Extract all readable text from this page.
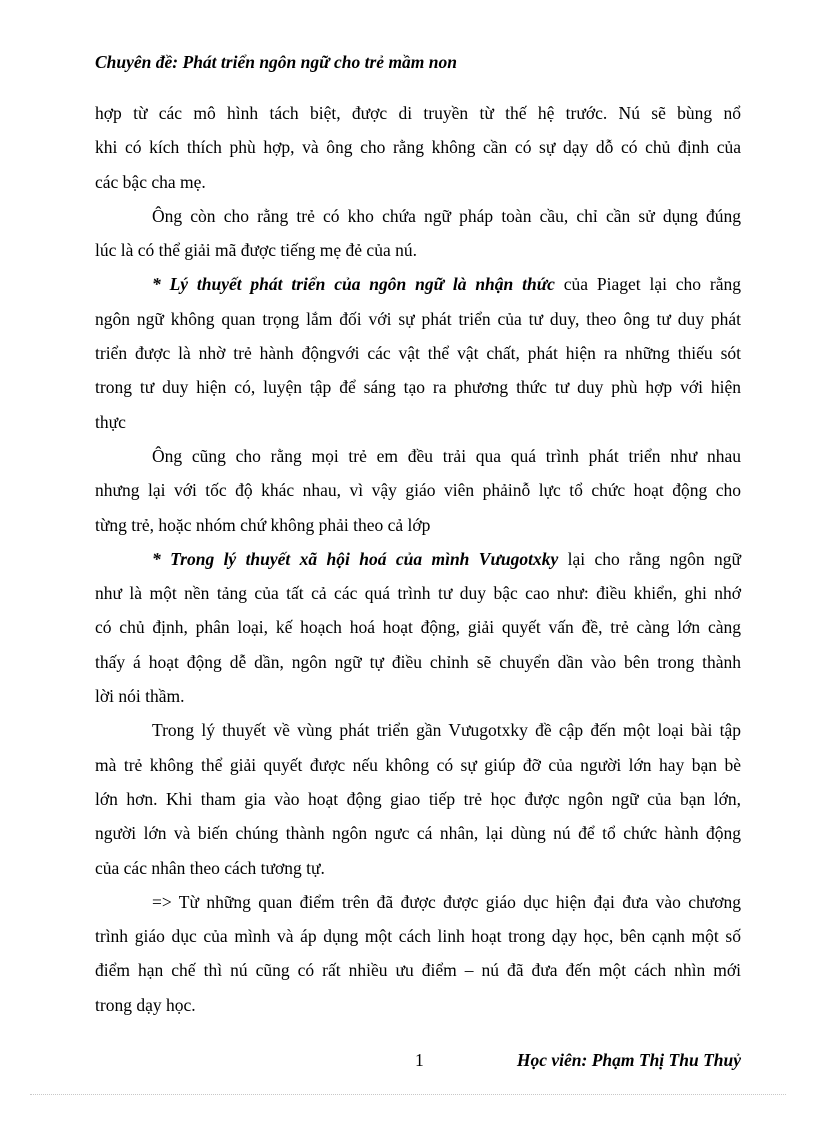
Chuyên đề: Phát triển ngôn ngữ cho trẻ mầm non
hợp từ các mô hình tách biệt, được di truyền từ thế hệ trước. Nú sẽ bùng nổ
khi có kích thích phù hợp, và ông cho rằng không cần có sự dạy dỗ có chủ định của
các bậc cha mẹ.
Ông còn cho rằng trẻ có kho chứa ngữ pháp toàn cầu, chỉ cần sử dụng đúng
lúc là có thể giải mã được tiếng mẹ đẻ của nú.
* Lý thuyết phát triển của ngôn ngữ là nhận thức của Piaget lại cho rằng
ngôn ngữ không quan trọng lắm đối với sự phát triển của tư duy, theo ông tư duy phát
triển được là nhờ trẻ hành độngvới các vật thể vật chất, phát hiện ra những thiếu sót
trong tư duy hiện có, luyện tập để sáng tạo ra phương thức tư duy phù hợp với hiện
thực
Ông cũng cho rằng mọi trẻ em đều trải qua quá trình phát triển như nhau
nhưng lại với tốc độ khác nhau, vì vậy giáo viên phảinỗ lực tổ chức hoạt động cho
từng trẻ, hoặc nhóm chứ không phải theo cả lớp
* Trong lý thuyết xã hội hoá của mình Vưugotxky lại cho rằng ngôn ngữ
như là một nền tảng của tất cả các quá trình tư duy bậc cao như: điều khiển, ghi nhớ
có chủ định, phân loại, kế hoạch hoá hoạt động, giải quyết vấn đề, trẻ càng lớn càng
thấy á hoạt động dễ dần, ngôn ngữ tự điều chỉnh sẽ chuyển dần vào bên trong thành
lời nói thầm.
Trong lý thuyết về vùng phát triển gần Vưugotxky đề cập đến một loại bài tập
mà trẻ không thể giải quyết được nếu không có sự giúp đỡ của người lớn hay bạn bè
lớn hơn. Khi tham gia vào hoạt động giao tiếp trẻ học được ngôn ngữ của bạn lớn,
người lớn và biến chúng thành ngôn ngưc cá nhân, lại dùng nú để tổ chức hành động
của các nhân theo cách tương tự.
=> Từ những quan điểm trên đã được được giáo dục hiện đại đưa vào chương
trình giáo dục của mình và áp dụng một cách linh hoạt trong dạy học, bên cạnh một số
điểm hạn chế thì nú cũng có rất nhiều ưu điểm – nú đã đưa đến một cách nhìn mới
trong dạy học.
1	Học viên: Phạm Thị Thu Thuỷ
